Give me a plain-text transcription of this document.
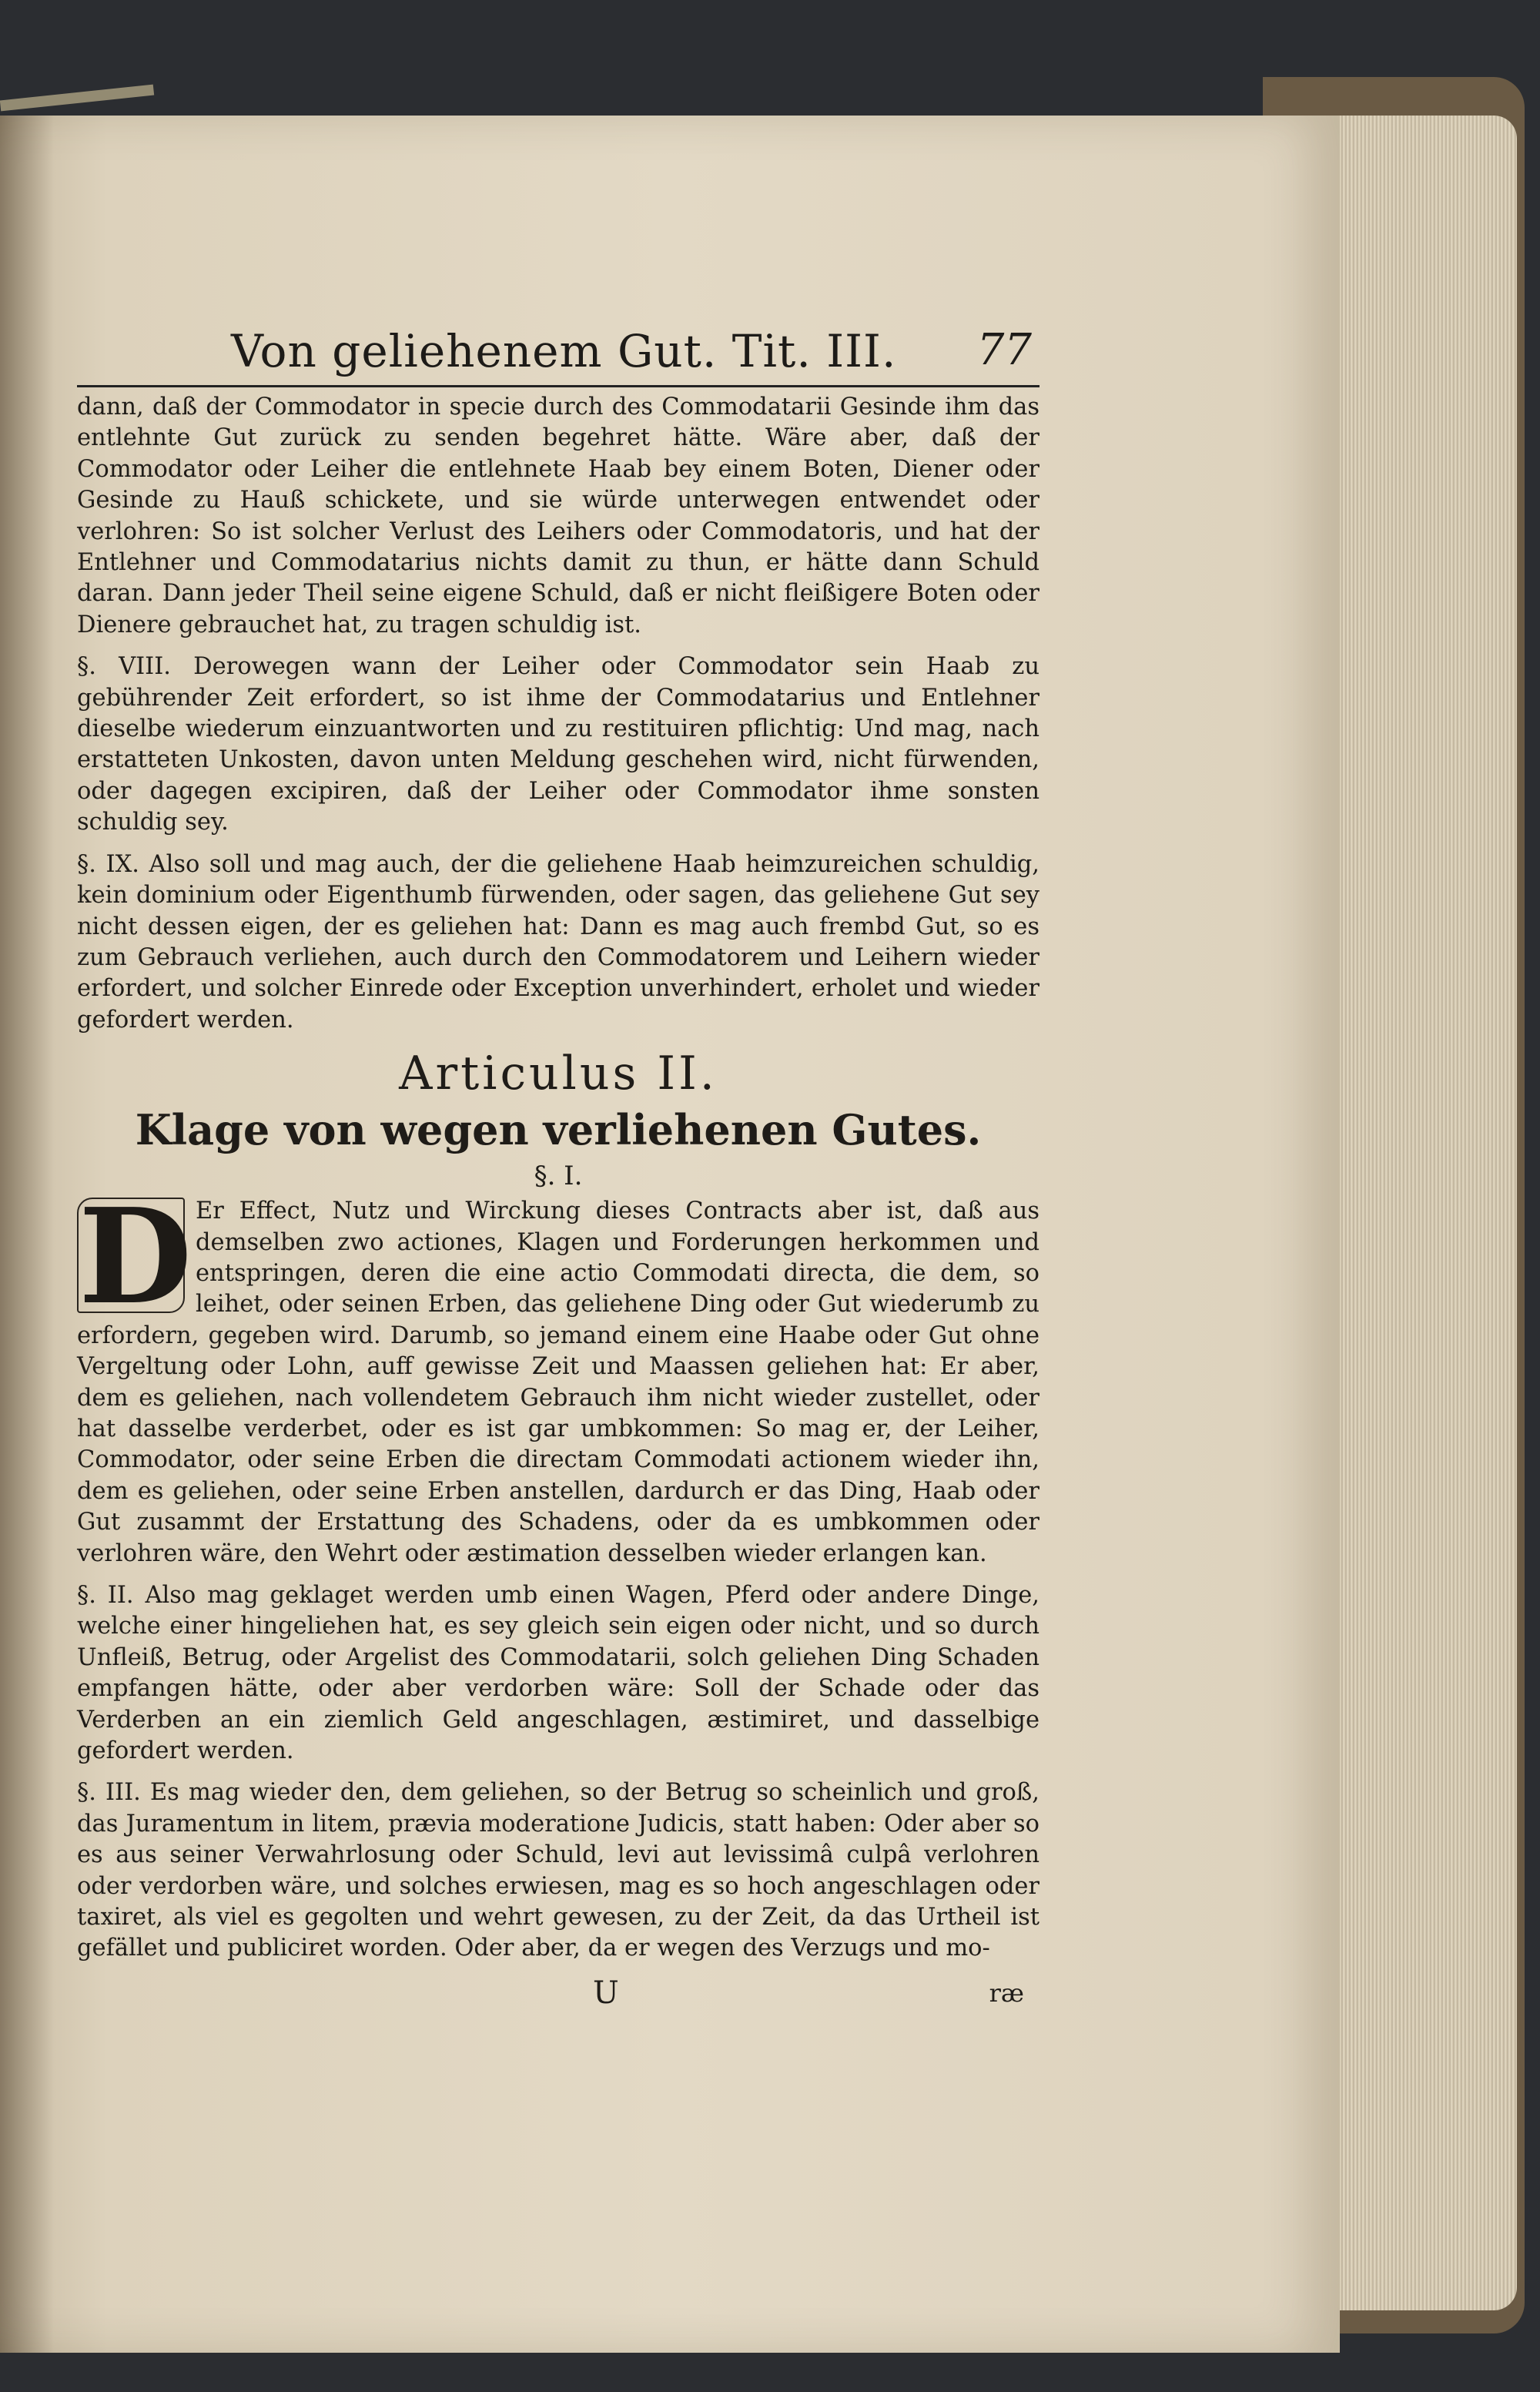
Von geliehenem Gut. Tit. III. 77

dann, daß der Commodator in specie durch des Commodatarii Gesinde ihm das entlehnte Gut zurück zu senden begehret hätte. Wäre aber, daß der Commodator oder Leiher die entlehnete Haab bey einem Boten, Diener oder Gesinde zu Hauß schickete, und sie würde unterwegen entwendet oder verlohren: So ist solcher Verlust des Leihers oder Commodatoris, und hat der Entlehner und Commodatarius nichts damit zu thun, er hätte dann Schuld daran. Dann jeder Theil seine eigene Schuld, daß er nicht fleißigere Boten oder Dienere gebrauchet hat, zu tragen schuldig ist.

§. VIII. Derowegen wann der Leiher oder Commodator sein Haab zu gebührender Zeit erfordert, so ist ihme der Commodatarius und Entlehner dieselbe wiederum einzuantworten und zu restituiren pflichtig: Und mag, nach erstatteten Unkosten, davon unten Meldung geschehen wird, nicht fürwenden, oder dagegen excipiren, daß der Leiher oder Commodator ihme sonsten schuldig sey.

§. IX. Also soll und mag auch, der die geliehene Haab heimzureichen schuldig, kein dominium oder Eigenthumb fürwenden, oder sagen, das geliehene Gut sey nicht dessen eigen, der es geliehen hat: Dann es mag auch frembd Gut, so es zum Gebrauch verliehen, auch durch den Commodatorem und Leihern wieder erfordert, und solcher Einrede oder Exception unverhindert, erholet und wieder gefordert werden.

Articulus II.
Klage von wegen verliehenen Gutes.
§. I.
D Er Effect, Nutz und Wirckung dieses Contracts aber ist, daß aus demselben zwo actiones, Klagen und Forderungen herkommen und entspringen, deren die eine actio Commodati directa, die dem, so leihet, oder seinen Erben, das geliehene Ding oder Gut wiederumb zu erfordern, gegeben wird. Darumb, so jemand einem eine Haabe oder Gut ohne Vergeltung oder Lohn, auff gewisse Zeit und Maassen geliehen hat: Er aber, dem es geliehen, nach vollendetem Gebrauch ihm nicht wieder zustellet, oder hat dasselbe verderbet, oder es ist gar umbkommen: So mag er, der Leiher, Commodator, oder seine Erben die directam Commodati actionem wieder ihn, dem es geliehen, oder seine Erben anstellen, dardurch er das Ding, Haab oder Gut zusammt der Erstattung des Schadens, oder da es umbkommen oder verlohren wäre, den Wehrt oder æstimation desselben wieder erlangen kan.

§. II. Also mag geklaget werden umb einen Wagen, Pferd oder andere Dinge, welche einer hingeliehen hat, es sey gleich sein eigen oder nicht, und so durch Unfleiß, Betrug, oder Argelist des Commodatarii, solch geliehen Ding Schaden empfangen hätte, oder aber verdorben wäre: Soll der Schade oder das Verderben an ein ziemlich Geld angeschlagen, æstimiret, und dasselbige gefordert werden.

§. III. Es mag wieder den, dem geliehen, so der Betrug so scheinlich und groß, das Juramentum in litem, prævia moderatione Judicis, statt haben: Oder aber so es aus seiner Verwahrlosung oder Schuld, levi aut levissimâ culpâ verlohren oder verdorben wäre, und solches erwiesen, mag es so hoch angeschlagen oder taxiret, als viel es gegolten und wehrt gewesen, zu der Zeit, da das Urtheil ist gefället und publiciret worden. Oder aber, da er wegen des Verzugs und mo-

U	ræ
